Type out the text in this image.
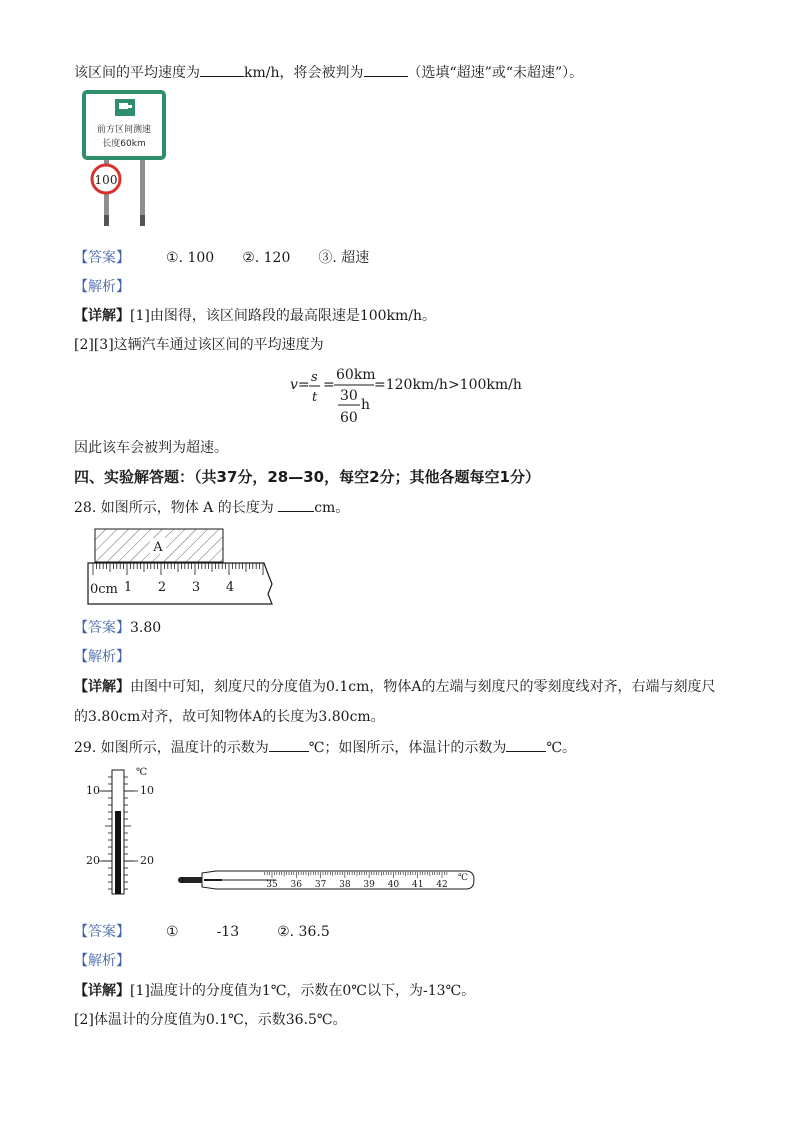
该区间的平均速度为	km/h，将会被判为	（选填“超速”或“未超速”）。
前方区间测速
长度60km
100
【答案】	①. 100 ②. 120 ③. 超速
【解析】
【详解】[1]由图得，该区间路段的最高限速是100km/h。
[2][3]这辆汽车通过该区间的平均速度为
v= s
t
=
60km
30
60
h
=120km/h>100km/h
因此该车会被判为超速。
四、实验解答题：（共37分，28—30，每空2分；其他各题每空1分）
28. 如图所示，物体 A 的长度为	cm。
A
0cm 1 2 3 4
【答案】3.80
【解析】
【详解】由图中可知，刻度尺的分度值为0.1cm，物体A的左端与刻度尺的零刻度线对齐，右端与刻度尺
的3.80cm对齐，故可知物体A的长度为3.80cm。
29. 如图所示，温度计的示数为	℃；如图所示，体温计的示数为	℃。
℃
10
20
10
20
℃
35 36 37 38 39 40 41 42
【答案】	①	-13	②. 36.5
【解析】
【详解】[1]温度计的分度值为1℃，示数在0℃以下，为-13℃。
[2]体温计的分度值为0.1℃，示数36.5℃。
